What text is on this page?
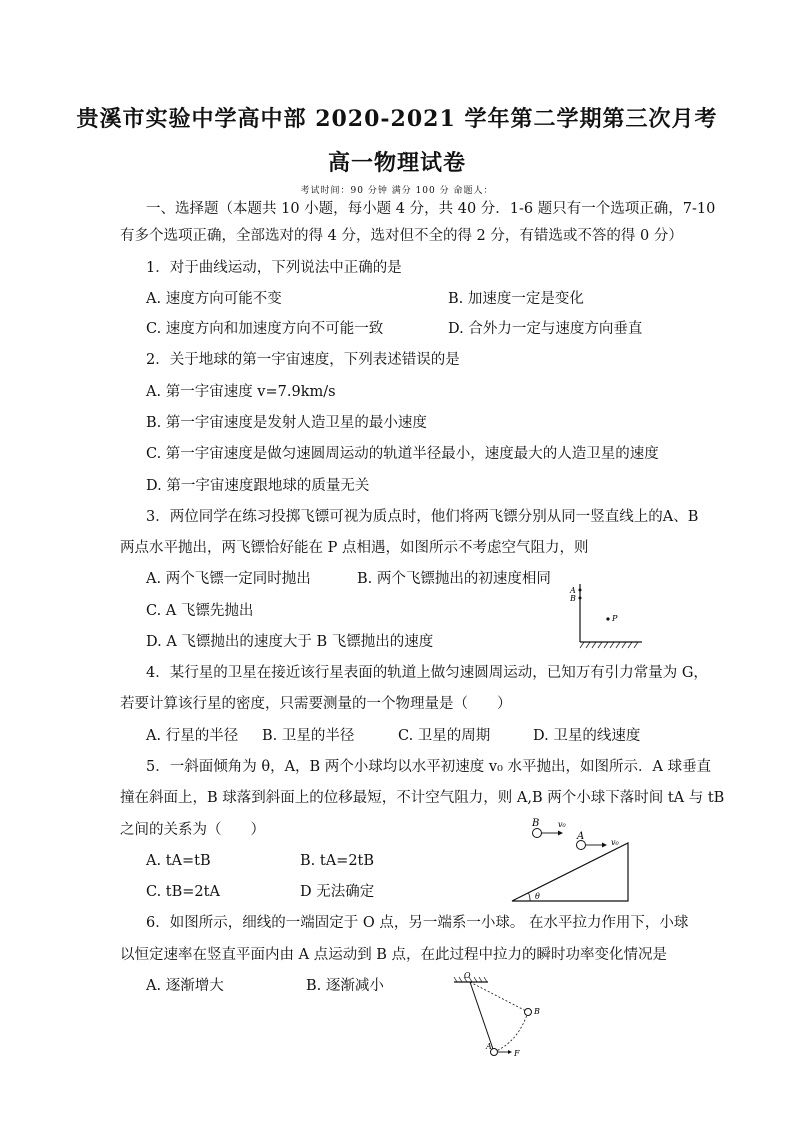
贵溪市实验中学高中部 2020-2021 学年第二学期第三次月考
高一物理试卷
考试时间：90 分钟 满分 100 分 命题人：
一、选择题（本题共 10 小题，每小题 4 分，共 40 分．1-6 题只有一个选项正确，7-10
有多个选项正确，全部选对的得 4 分，选对但不全的得 2 分，有错选或不答的得 0 分）
1．对于曲线运动，下列说法中正确的是
A. 速度方向可能不变	B. 加速度一定是变化
C. 速度方向和加速度方向不可能一致	D. 合外力一定与速度方向垂直
2．关于地球的第一宇宙速度，下列表述错误的是
A. 第一宇宙速度 v=7.9km/s
B. 第一宇宙速度是发射人造卫星的最小速度
C. 第一宇宙速度是做匀速圆周运动的轨道半径最小，速度最大的人造卫星的速度
D. 第一宇宙速度跟地球的质量无关
3．两位同学在练习投掷飞镖可视为质点时，他们将两飞镖分别从同一竖直线上的A、B
两点水平抛出，两飞镖恰好能在 P 点相遇，如图所示不考虑空气阻力，则
A. 两个飞镖一定同时抛出	B. 两个飞镖抛出的初速度相同
C. A 飞镖先抛出
D. A 飞镖抛出的速度大于 B 飞镖抛出的速度
A
B
P
4．某行星的卫星在接近该行星表面的轨道上做匀速圆周运动，已知万有引力常量为 G，
若要计算该行星的密度，只需要测量的一个物理量是（　　）
A. 行星的半径 B. 卫星的半径	C. 卫星的周期	D. 卫星的线速度
5．一斜面倾角为 θ，A，B 两个小球均以水平初速度 v₀ 水平抛出，如图所示．A 球垂直
撞在斜面上，B 球落到斜面上的位移最短，不计空气阻力，则 A,B 两个小球下落时间 tA 与 tB
之间的关系为（　　）
A. tA=tB	B. tA=2tB
C. tB=2tA	D 无法确定
B v₀
A
v₀
θ
6．如图所示，细线的一端固定于 O 点，另一端系一小球。 在水平拉力作用下，小球
以恒定速率在竖直平面内由 A 点运动到 B 点，在此过程中拉力的瞬时功率变化情况是
A. 逐渐增大	B. 逐渐减小
O
B
A
F
